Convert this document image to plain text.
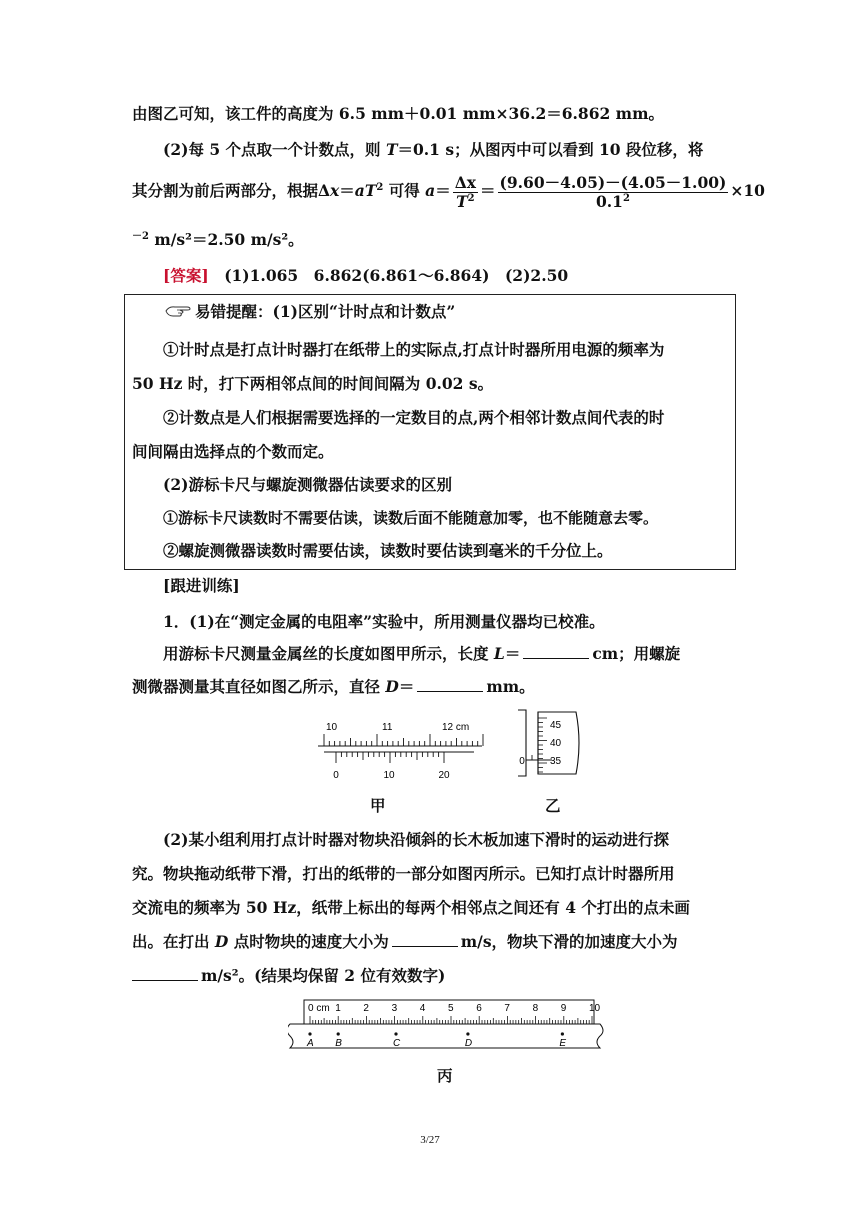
由图乙可知，该工件的高度为 6.5 mm＋0.01 mm×36.2＝6.862 mm。
(2)每 5 个点取一个计数点，则 T＝0.1 s；从图丙中可以看到 10 段位移，将
其分割为前后两部分，根据$\Delta x=aT^2$ 可得 $a= \frac{\Delta x}{T^2} = \frac{(9.60-4.05)-(4.05-1.00)}{0.1^2} \times 10$
$^{-2}$ m/s²＝2.50 m/s²。
[答案]　 (1)1.065　6.862(6.861～6.864)　(2)2.50
易错提醒：(1)区别“计时点和计数点”
①计时点是打点计时器打在纸带上的实际点,打点计时器所用电源的频率为
50 Hz 时，打下两相邻点间的时间间隔为 0.02 s。
②计数点是人们根据需要选择的一定数目的点,两个相邻计数点间代表的时
间间隔由选择点的个数而定。
(2)游标卡尺与螺旋测微器估读要求的区别
①游标卡尺读数时不需要估读，读数后面不能随意加零，也不能随意去零。
②螺旋测微器读数时需要估读，读数时要估读到毫米的千分位上。
[跟进训练]
1．(1)在“测定金属的电阻率”实验中，所用测量仪器均已校准。
用游标卡尺测量金属丝的长度如图甲所示，长度 L＝	cm；用螺旋
测微器测量其直径如图乙所示，直径 D＝	mm。
10	11	12 cm
0	10	20
0
45
40
35
甲	乙
(2)某小组利用打点计时器对物块沿倾斜的长木板加速下滑时的运动进行探
究。物块拖动纸带下滑，打出的纸带的一部分如图丙所示。已知打点计时器所用
交流电的频率为 50 Hz，纸带上标出的每两个相邻点之间还有 4 个打出的点未画
出。在打出 D 点时物块的速度大小为	m/s，物块下滑的加速度大小为
m/s²。(结果均保留 2 位有效数字)
0 cm 1 2 3 4 5 6 7 8 9 10
A B	C	D	E
丙
3/27
